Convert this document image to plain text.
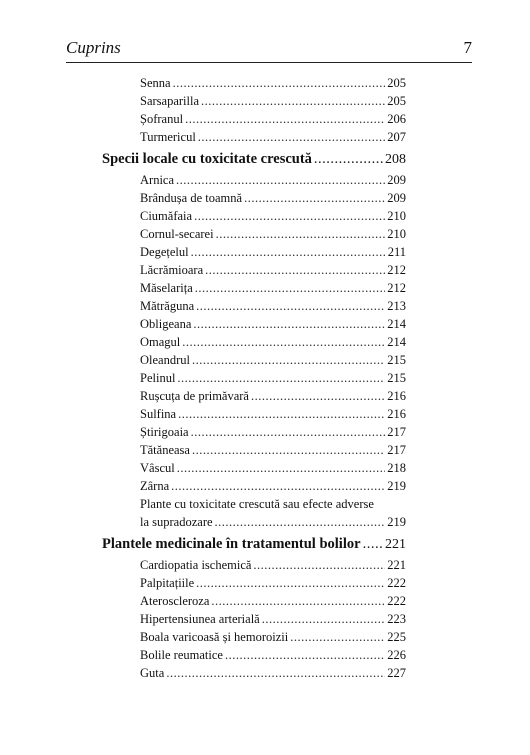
Cuprins	7
Senna .....	205
Sarsaparilla .....	205
Șofranul .....	206
Turmericul .....	207
Specii locale cu toxicitate crescută .....	208
Arnica .....	209
Brândușa de toamnă .....	209
Ciumăfaia .....	210
Cornul-secarei .....	210
Degețelul .....	211
Lăcrămioara .....	212
Măselarița .....	212
Mătrăguna .....	213
Obligeana .....	214
Omagul .....	214
Oleandrul .....	215
Pelinul .....	215
Rușcuța de primăvară .....	216
Sulfina .....	216
Știrigoaia .....	217
Tătăneasa .....	217
Vâscul .....	218
Zârna .....	219
Plante cu toxicitate crescută sau efecte adverse
la supradozare .....	219
Plantele medicinale în tratamentul bolilor ..... 221
Cardiopatia ischemică .....	221
Palpitațiile .....	222
Ateroscleroza .....	222
Hipertensiunea arterială .....	223
Boala varicoasă și hemoroizii .....	225
Bolile reumatice .....	226
Guta .....	227
